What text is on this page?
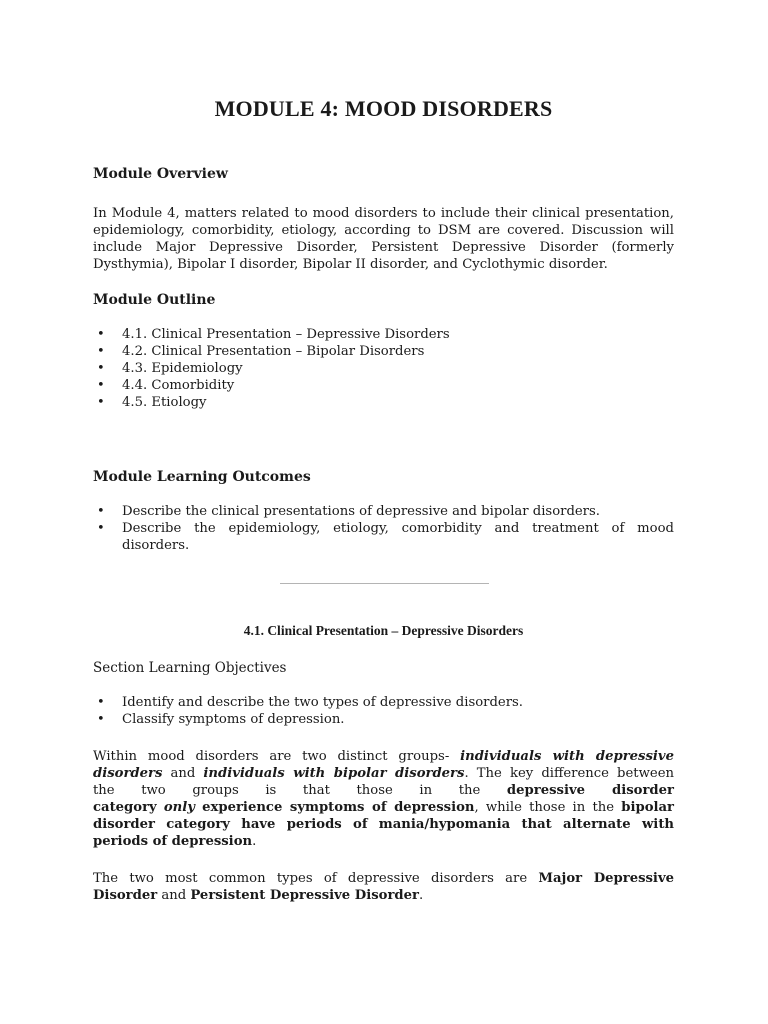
MODULE 4: MOOD DISORDERS
Module Overview

In Module 4, matters related to mood disorders to include their clinical presentation,
epidemiology, comorbidity, etiology, according to DSM are covered. Discussion will
include Major Depressive Disorder, Persistent Depressive Disorder (formerly
Dysthymia), Bipolar I disorder, Bipolar II disorder, and Cyclothymic disorder.

Module Outline
• 4.1. Clinical Presentation – Depressive Disorders
• 4.2. Clinical Presentation – Bipolar Disorders
• 4.3. Epidemiology
• 4.4. Comorbidity
• 4.5. Etiology
Module Learning Outcomes
• Describe the clinical presentations of depressive and bipolar disorders.
• Describe the epidemiology, etiology, comorbidity and treatment of mood
disorders.
4.1. Clinical Presentation – Depressive Disorders

Section Learning Objectives

• Identify and describe the two types of depressive disorders.
• Classify symptoms of depression.

Within mood disorders are two distinct groups- individuals with depressive
disorders and individuals with bipolar disorders. The key difference between
the two groups is that those in the depressive disorder
category only experience symptoms of depression, while those in the bipolar
disorder category have periods of mania/hypomania that alternate with
periods of depression.

The two most common types of depressive disorders are Major Depressive
Disorder and Persistent Depressive Disorder.
